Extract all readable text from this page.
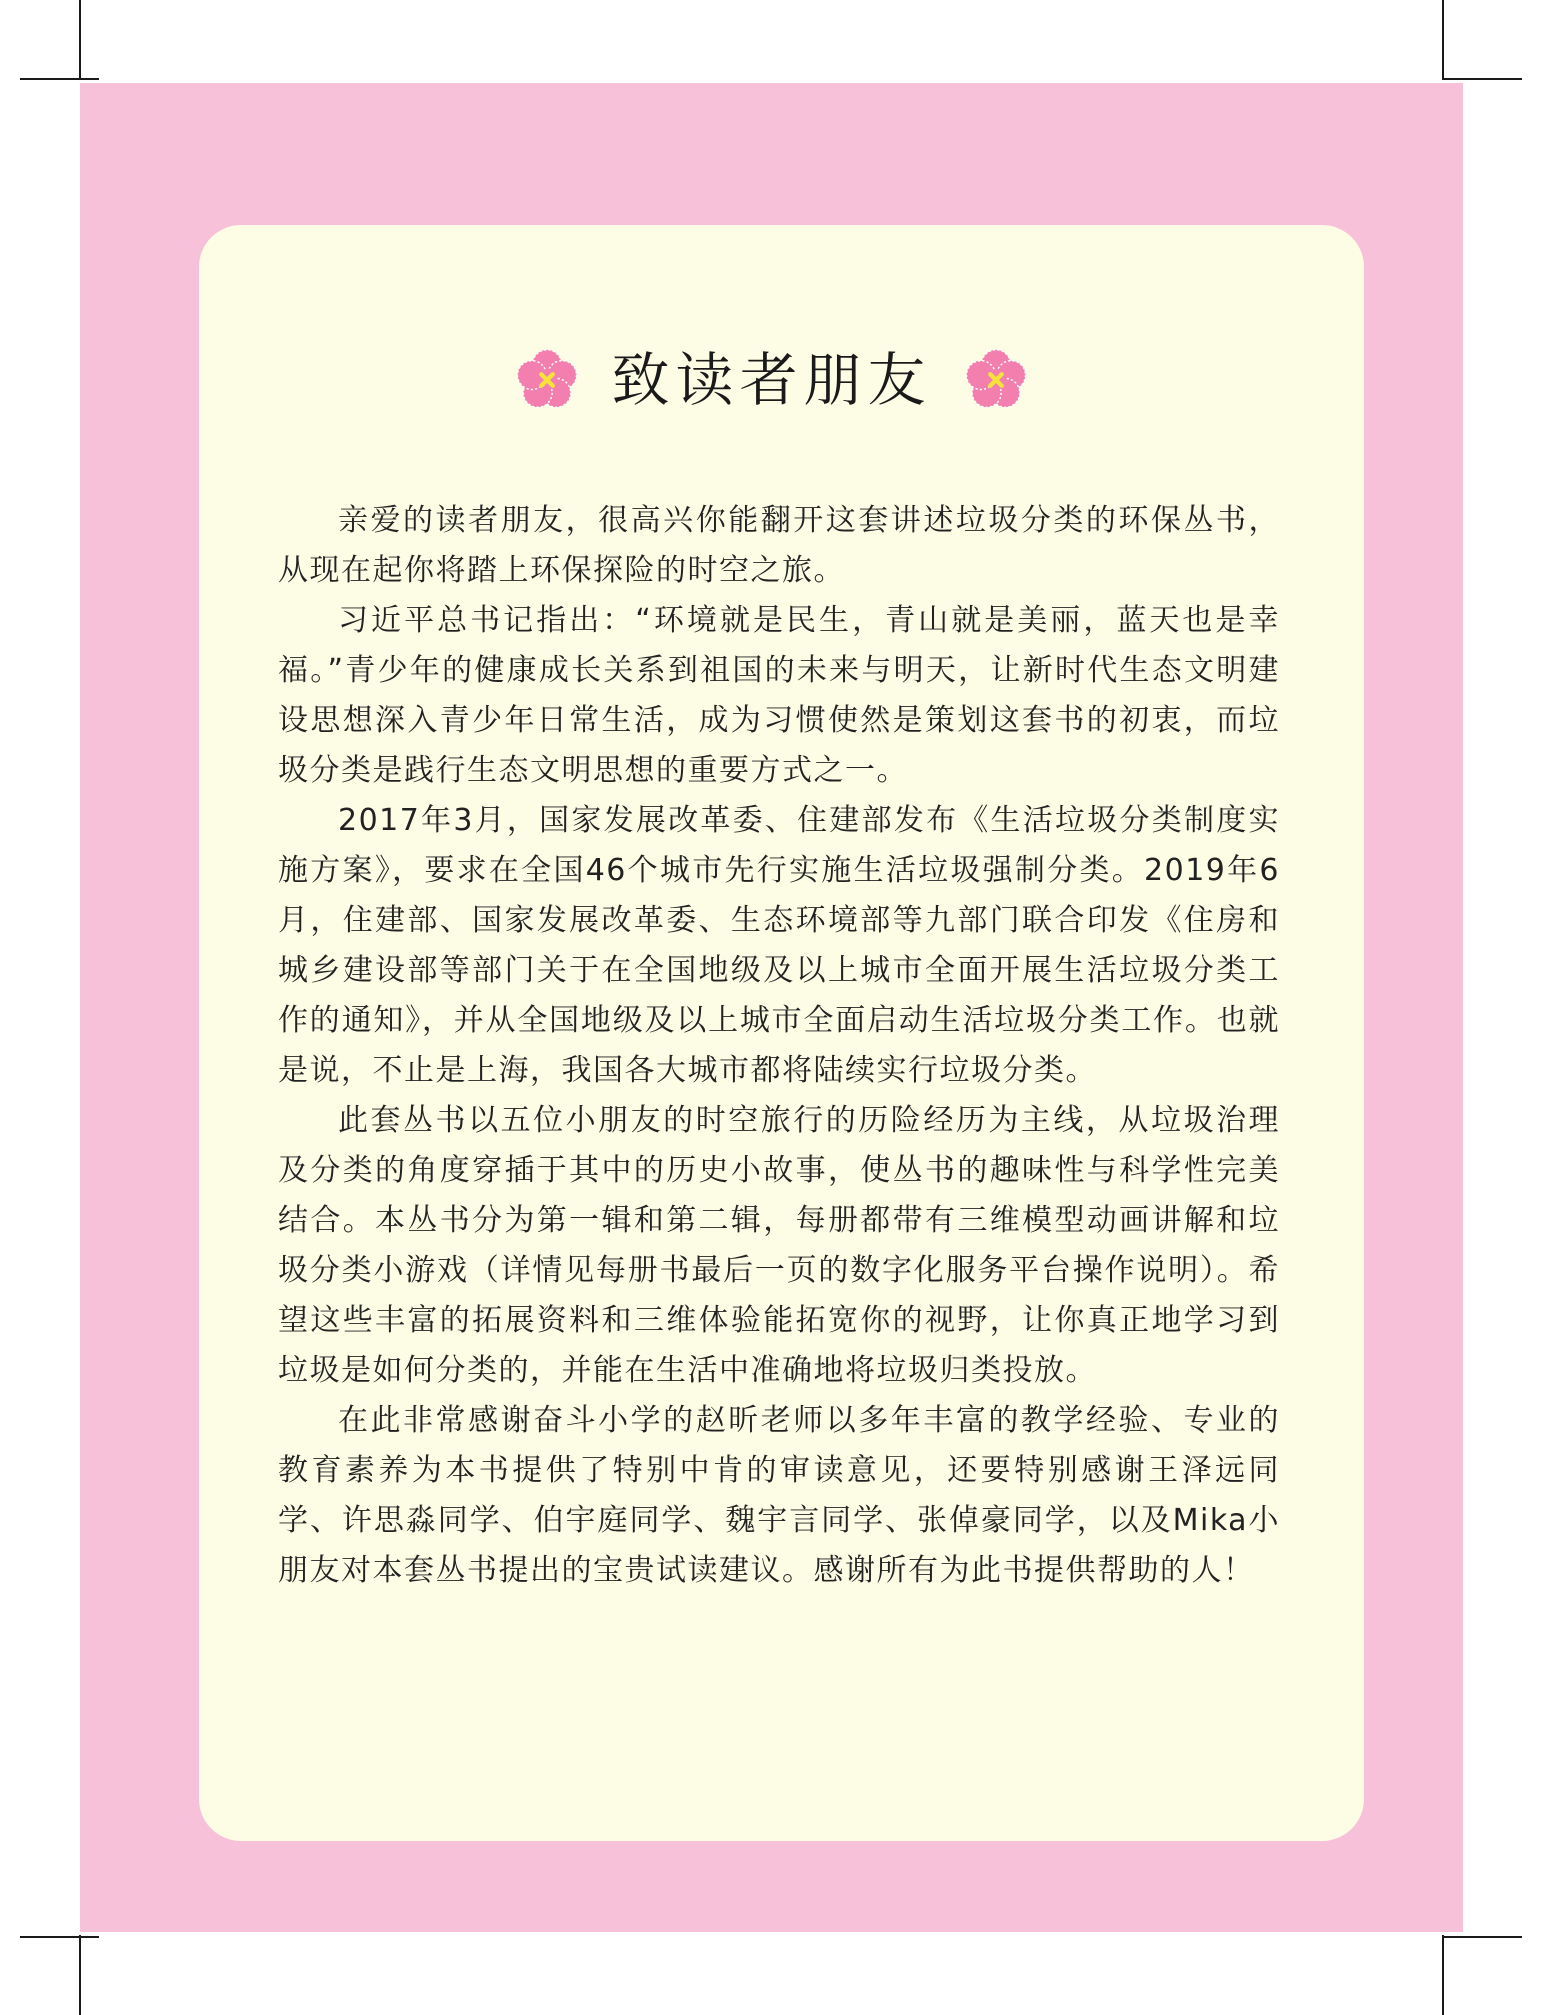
致读者朋友

亲爱的读者朋友，很高兴你能翻开这套讲述垃圾分类的环保丛书，从现在起你将踏上环保探险的时空之旅。

习近平总书记指出：“环境就是民生，青山就是美丽，蓝天也是幸福。”青少年的健康成长关系到祖国的未来与明天，让新时代生态文明建设思想深入青少年日常生活，成为习惯使然是策划这套书的初衷，而垃圾分类是践行生态文明思想的重要方式之一。

2017年3月，国家发展改革委、住建部发布《生活垃圾分类制度实施方案》，要求在全国46个城市先行实施生活垃圾强制分类。2019年6月，住建部、国家发展改革委、生态环境部等九部门联合印发《住房和城乡建设部等部门关于在全国地级及以上城市全面开展生活垃圾分类工作的通知》，并从全国地级及以上城市全面启动生活垃圾分类工作。也就是说，不止是上海，我国各大城市都将陆续实行垃圾分类。

此套丛书以五位小朋友的时空旅行的历险经历为主线，从垃圾治理及分类的角度穿插于其中的历史小故事，使丛书的趣味性与科学性完美结合。本丛书分为第一辑和第二辑，每册都带有三维模型动画讲解和垃圾分类小游戏（详情见每册书最后一页的数字化服务平台操作说明）。希望这些丰富的拓展资料和三维体验能拓宽你的视野，让你真正地学习到垃圾是如何分类的，并能在生活中准确地将垃圾归类投放。

在此非常感谢奋斗小学的赵昕老师以多年丰富的教学经验、专业的教育素养为本书提供了特别中肯的审读意见，还要特别感谢王泽远同学、许思淼同学、伯宇庭同学、魏宇言同学、张倬豪同学，以及Mika小朋友对本套丛书提出的宝贵试读建议。感谢所有为此书提供帮助的人！
